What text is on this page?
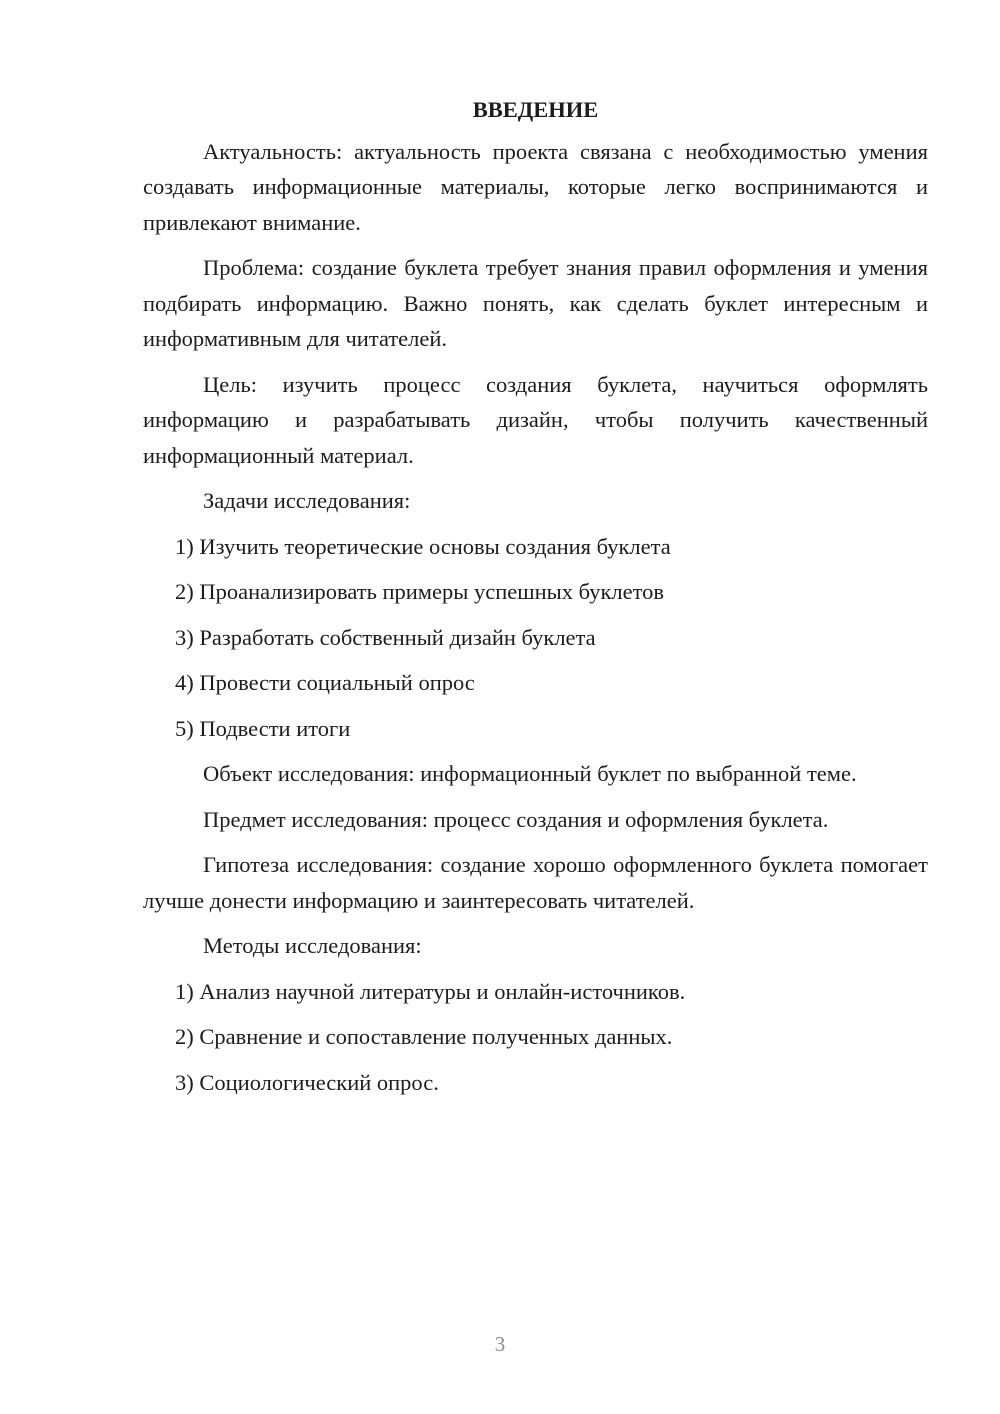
ВВЕДЕНИЕ

Актуальность: актуальность проекта связана с необходимостью умения создавать информационные материалы, которые легко воспринимаются и привлекают внимание.

Проблема: создание буклета требует знания правил оформления и умения подбирать информацию. Важно понять, как сделать буклет интересным и информативным для читателей.

Цель: изучить процесс создания буклета, научиться оформлять информацию и разрабатывать дизайн, чтобы получить качественный информационный материал.

Задачи исследования:
1) Изучить теоретические основы создания буклета
2) Проанализировать примеры успешных буклетов
3) Разработать собственный дизайн буклета
4) Провести социальный опрос
5) Подвести итоги

Объект исследования: информационный буклет по выбранной теме.

Предмет исследования: процесс создания и оформления буклета.

Гипотеза исследования: создание хорошо оформленного буклета помогает лучше донести информацию и заинтересовать читателей.

Методы исследования:
1) Анализ научной литературы и онлайн-источников.
2) Сравнение и сопоставление полученных данных.
3) Социологический опрос.
3
